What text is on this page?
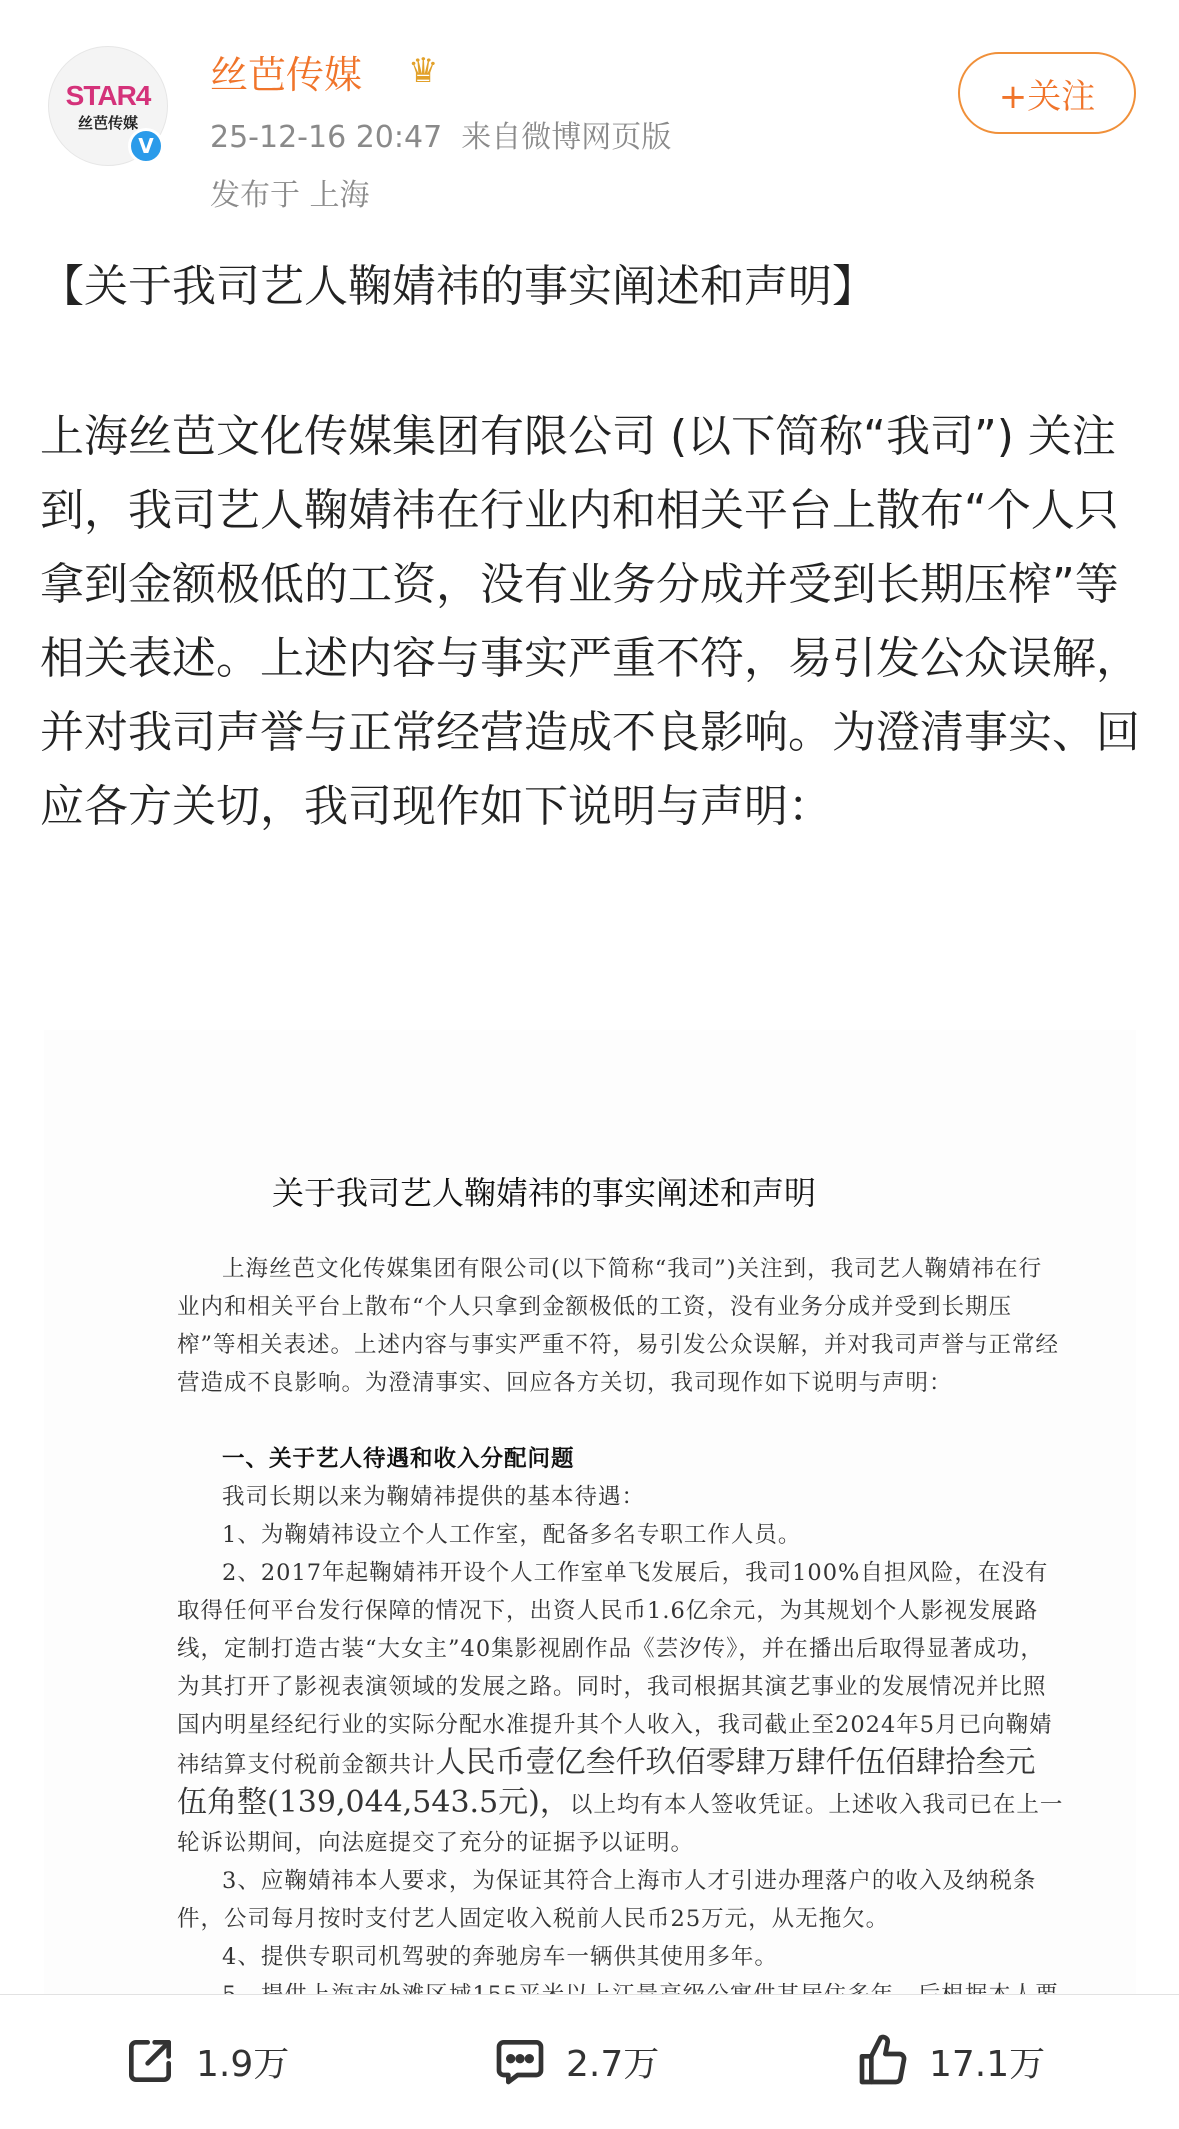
STAR4
丝芭传媒
V
丝芭传媒 ♛
25-12-16 20:47 来自微博网页版
发布于 上海
+关注
【关于我司艺人鞠婧祎的事实阐述和声明】
上海丝芭文化传媒集团有限公司 (以下简称“我司”) 关注到，我司艺人鞠婧祎在行业内和相关平台上散布“个人只拿到金额极低的工资，没有业务分成并受到长期压榨”等相关表述。上述内容与事实严重不符，易引发公众误解，并对我司声誉与正常经营造成不良影响。为澄清事实、回应各方关切，我司现作如下说明与声明：
关于我司艺人鞠婧祎的事实阐述和声明

上海丝芭文化传媒集团有限公司(以下简称“我司”)关注到，我司艺人鞠婧祎在行业内和相关平台上散布“个人只拿到金额极低的工资，没有业务分成并受到长期压榨”等相关表述。上述内容与事实严重不符，易引发公众误解，并对我司声誉与正常经营造成不良影响。为澄清事实、回应各方关切，我司现作如下说明与声明：

一、关于艺人待遇和收入分配问题

我司长期以来为鞠婧祎提供的基本待遇：

1、为鞠婧祎设立个人工作室，配备多名专职工作人员。

2、2017年起鞠婧祎开设个人工作室单飞发展后，我司100%自担风险，在没有取得任何平台发行保障的情况下，出资人民币1.6亿余元，为其规划个人影视发展路线，定制打造古装“大女主”40集影视剧作品《芸汐传》，并在播出后取得显著成功，为其打开了影视表演领域的发展之路。同时，我司根据其演艺事业的发展情况并比照国内明星经纪行业的实际分配水准提升其个人收入，我司截止至2024年5月已向鞠婧祎结算支付税前金额共计人民币壹亿叁仟玖佰零肆万肆仟伍佰肆拾叁元伍角整(139,044,543.5元)，以上均有本人签收凭证。上述收入我司已在上一轮诉讼期间，向法庭提交了充分的证据予以证明。

3、应鞠婧祎本人要求，为保证其符合上海市人才引进办理落户的收入及纳税条件，公司每月按时支付艺人固定收入税前人民币25万元，从无拖欠。

4、提供专职司机驾驶的奔驰房车一辆供其使用多年。

1.9万	2.7万	17.1万
